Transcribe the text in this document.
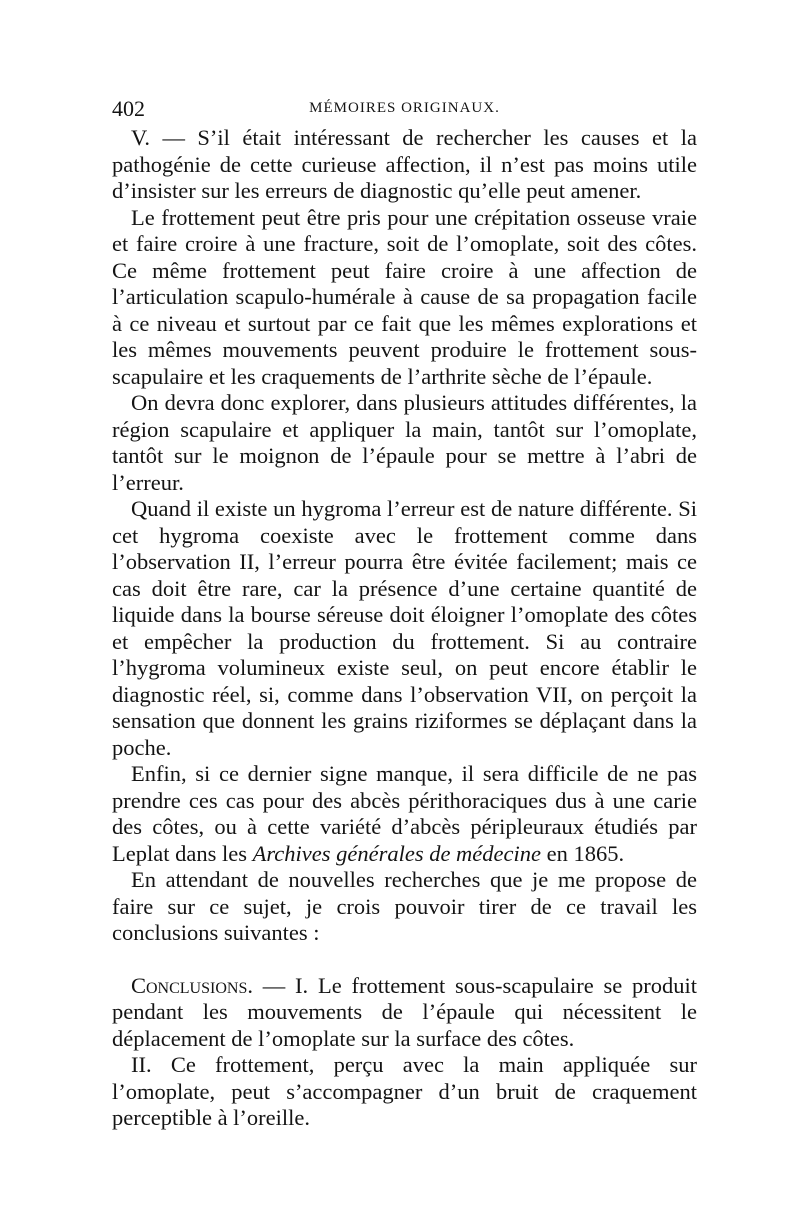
402	MÉMOIRES ORIGINAUX.

V. — S’il était intéressant de rechercher les causes et la pathogénie de cette curieuse affection, il n’est pas moins utile d’insister sur les erreurs de diagnostic qu’elle peut amener.

Le frottement peut être pris pour une crépitation osseuse vraie et faire croire à une fracture, soit de l’omoplate, soit des côtes. Ce même frottement peut faire croire à une affection de l’articulation scapulo-humérale à cause de sa propagation facile à ce niveau et surtout par ce fait que les mêmes explorations et les mêmes mouvements peuvent produire le frottement sous-scapulaire et les craquements de l’arthrite sèche de l’épaule.

On devra donc explorer, dans plusieurs attitudes différentes, la région scapulaire et appliquer la main, tantôt sur l’omoplate, tantôt sur le moignon de l’épaule pour se mettre à l’abri de l’erreur.

Quand il existe un hygroma l’erreur est de nature différente. Si cet hygroma coexiste avec le frottement comme dans l’observation II, l’erreur pourra être évitée facilement; mais ce cas doit être rare, car la présence d’une certaine quantité de liquide dans la bourse séreuse doit éloigner l’omoplate des côtes et empêcher la production du frottement. Si au contraire l’hygroma volumineux existe seul, on peut encore établir le diagnostic réel, si, comme dans l’observation VII, on perçoit la sensation que donnent les grains riziformes se déplaçant dans la poche.

Enfin, si ce dernier signe manque, il sera difficile de ne pas prendre ces cas pour des abcès périthoraciques dus à une carie des côtes, ou à cette variété d’abcès péripleuraux étudiés par Leplat dans les Archives générales de médecine en 1865.

En attendant de nouvelles recherches que je me propose de faire sur ce sujet, je crois pouvoir tirer de ce travail les conclusions suivantes :

Conclusions. — I. Le frottement sous-scapulaire se produit pendant les mouvements de l’épaule qui nécessitent le déplacement de l’omoplate sur la surface des côtes.

II. Ce frottement, perçu avec la main appliquée sur l’omoplate, peut s’accompagner d’un bruit de craquement perceptible à l’oreille.
